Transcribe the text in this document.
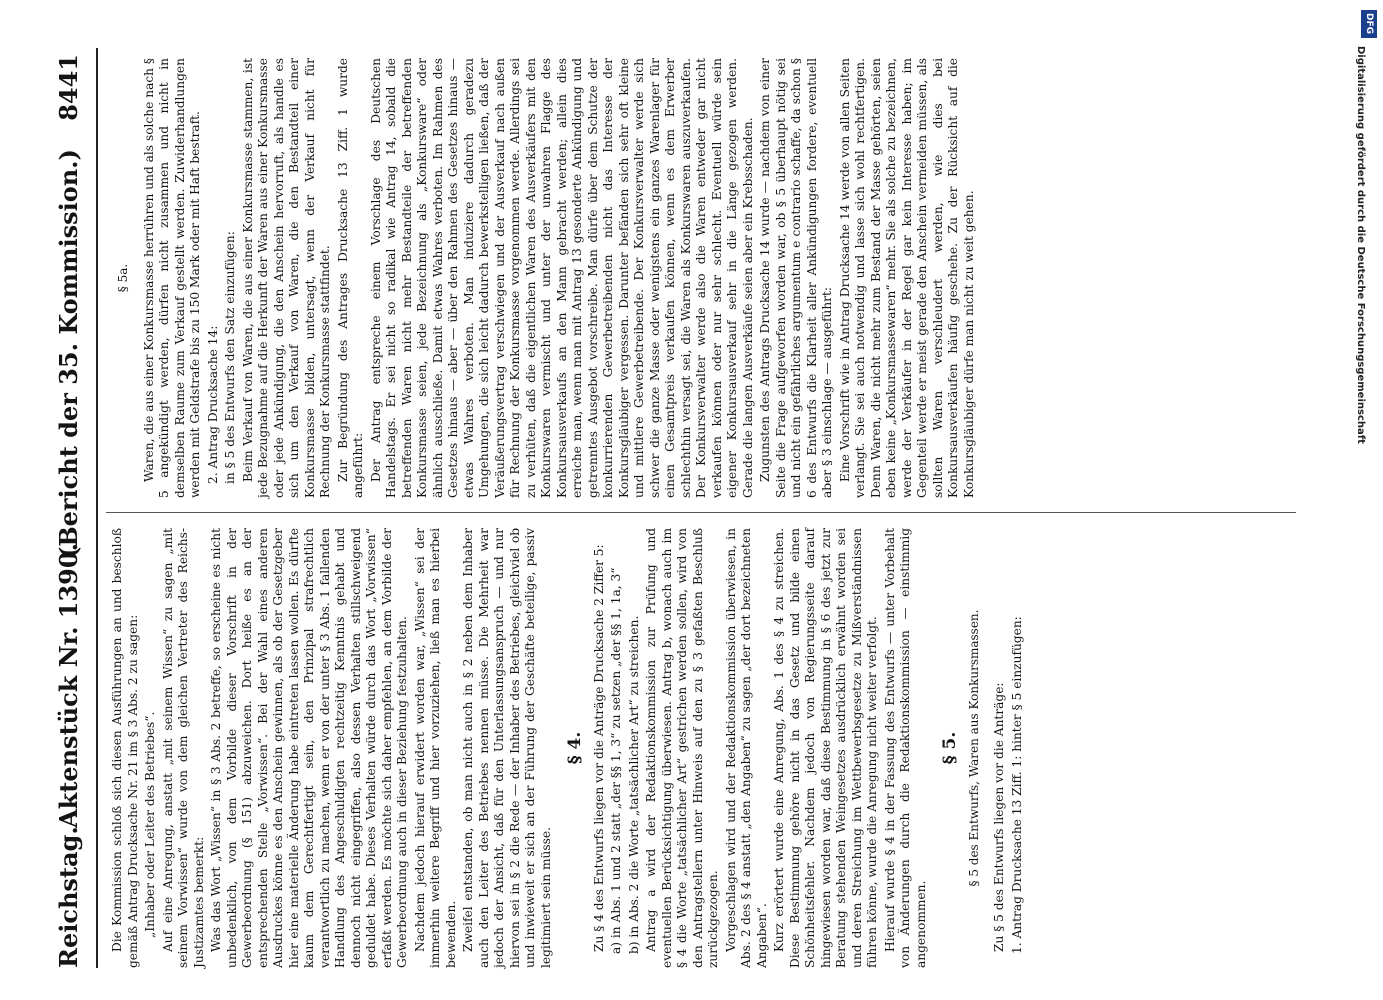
Reichstag.
Aktenstück Nr. 1390.
(Bericht der 35. Kommission.)
8441

Die Kommission schloß sich diesen Ausführungen an und beschloß gemäß Antrag Drucksache Nr. 21 im § 3 Abs. 2 zu sagen: „Inhaber oder Leiter des Betriebes“. Auf eine Anregung, anstatt „mit seinem Wissen“ zu sagen „mit seinem Vorwissen“ wurde von dem gleichen Vertreter des Reichs-Justizamtes bemerkt: Was das Wort „Wissen“ in § 3 Abs. 2 betreffe, so erscheine es nicht unbedenklich, von dem Vorbilde dieser Vorschrift in der Gewerbeordnung (§ 151) abzuweichen. Dort heiße es an der entsprechenden Stelle „Vorwissen“. Bei der Wahl eines anderen Ausdruckes könne es den Anschein gewinnen, als ob der Gesetzgeber hier eine materielle Änderung habe eintreten lassen wollen. Es dürfte kaum dem Gerechtfertigt sein, den Prinzipal strafrechtlich verantwortlich zu machen, wenn er von der unter § 3 Abs. 1 fallenden Handlung des Angeschuldigten rechtzeitig Kenntnis gehabt und dennoch nicht eingegriffen, also dessen Verhalten stillschweigend geduldet habe. Dieses Verhalten würde durch das Wort „Vorwissen“ erfaßt werden. Es möchte sich daher empfehlen, an dem Vorbilde der Gewerbeordnung auch in dieser Beziehung festzuhalten. Nachdem jedoch hierauf erwidert worden war, „Wissen“ sei der immerhin weitere Begriff und hier vorzuziehen, ließ man es hierbei bewenden. Zweifel entstanden, ob man nicht auch in § 2 neben dem Inhaber auch den Leiter des Betriebes nennen müsse. Die Mehrheit war jedoch der Ansicht, daß für den Unterlassungsanspruch — und nur hiervon sei in § 2 die Rede — der Inhaber des Betriebes, gleichviel ob und inwieweit er sich an der Führung der Geschäfte beteilige, passiv legitimiert sein müsse.

§ 4. Zu § 4 des Entwurfs liegen vor die Anträge Drucksache 2 Ziffer 5: a) in Abs. 1 und 2 statt „der §§ 1, 3“ zu setzen „der §§ 1, 1a, 3“ b) in Abs. 2 die Worte „tatsächlicher Art“ zu streichen. Antrag a wird der Redaktionskommission zur Prüfung und eventuellen Berücksichtigung überwiesen. Antrag b, wonach auch im § 4 die Worte „tatsächlicher Art“ gestrichen werden sollen, wird von den Antragstellern unter Hinweis auf den zu § 3 gefaßten Beschluß zurückgezogen. Vorgeschlagen wird und der Redaktionskommission überwiesen, in Abs. 2 des § 4 anstatt „den Angaben“ zu sagen „der dort bezeichneten Angaben“. Kurz erörtert wurde eine Anregung, Abs. 1 des § 4 zu streichen. Diese Bestimmung gehöre nicht in das Gesetz und bilde einen Schönheitsfehler. Nachdem jedoch von Regierungsseite darauf hingewiesen worden war, daß diese Bestimmung in § 6 des jetzt zur Beratung stehenden Weingesetzes ausdrücklich erwähnt worden sei und deren Streichung im Wettbewerbsgesetze zu Mißverständnissen führen könne, wurde die Anregung nicht weiter verfolgt. Hierauf wurde § 4 in der Fassung des Entwurfs — unter Vorbehalt von Änderungen durch die Redaktionskommission — einstimmig angenommen.

§ 5. § 5 des Entwurfs, Waren aus Konkursmassen. Zu § 5 des Entwurfs liegen vor die Anträge: 1. Antrag Drucksache 13 Ziff. 1: hinter § 5 einzufügen:

§ 5a. Waren, die aus einer Konkursmasse herrühren und als solche nach § 5 angekündigt werden, dürfen nicht zusammen und nicht in demselben Raume zum Verkauf gestellt werden. Zuwiderhandlungen werden mit Geldstrafe bis zu 150 Mark oder mit Haft bestraft. 2. Antrag Drucksache 14: in § 5 des Entwurfs den Satz einzufügen: Beim Verkauf von Waren, die aus einer Konkursmasse stammen, ist jede Bezugnahme auf die Herkunft der Waren aus einer Konkursmasse oder jede Ankündigung, die den Anschein hervorruft, als handle es sich um den Verkauf von Waren, die den Bestandteil einer Konkursmasse bilden, untersagt, wenn der Verkauf nicht für Rechnung der Konkursmasse stattfindet. Zur Begründung des Antrages Drucksache 13 Ziff. 1 wurde angeführt: Der Antrag entspreche einem Vorschlage des Deutschen Handelstags. Er sei nicht so radikal wie Antrag 14, sobald die betreffenden Waren nicht mehr Bestandteile der betreffenden Konkursmasse seien, jede Bezeichnung als „Konkursware“ oder ähnlich ausschließe. Damit etwas Wahres verboten. Im Rahmen des Gesetzes hinaus — aber — über den Rahmen des Gesetzes hinaus — etwas Wahres verboten. Man induziere dadurch geradezu Umgehungen, die sich leicht dadurch bewerkstelligen ließen, daß der Veräußerungsvertrag verschwiegen und der Ausverkauf nach außen für Rechnung der Konkursmasse vorgenommen werde. Allerdings sei zu verhüten, daß die eigentlichen Waren des Ausverkäufers mit den Konkurswaren vermischt und unter der unwahren Flagge des Konkursausverkaufs an den Mann gebracht werden; allein dies erreiche man, wenn man mit Antrag 13 gesonderte Ankündigung und getrenntes Ausgebot vorschreibe. Man dürfe über dem Schutze der konkurrierenden Gewerbetreibenden nicht das Interesse der Konkursgläubiger vergessen. Darunter befänden sich sehr oft kleine und mittlere Gewerbetreibende. Der Konkursverwalter werde sich schwer die ganze Masse oder wenigstens ein ganzes Warenlager für einen Gesamtpreis verkaufen können, wenn es dem Erwerber schlechthin versagt sei, die Waren als Konkurswaren auszuverkaufen. Der Konkursverwalter werde also die Waren entweder gar nicht verkaufen können oder nur sehr schlecht. Eventuell würde sein eigener Konkursausverkauf sehr in die Länge gezogen werden. Gerade die langen Ausverkäufe seien aber ein Krebsschaden. Zugunsten des Antrags Drucksache 14 wurde — nachdem von einer Seite die Frage aufgeworfen worden war, ob § 5 überhaupt nötig sei und nicht ein gefährliches argumentum e contrario schaffe, da schon § 6 des Entwurfs die Klarheit aller Ankündigungen fordere, eventuell aber § 3 einschlage — ausgeführt: Eine Vorschrift wie in Antrag Drucksache 14 werde von allen Seiten verlangt. Sie sei auch notwendig und lasse sich wohl rechtfertigen. Denn Waren, die nicht mehr zum Bestand der Masse gehörten, seien eben keine „Konkursmassewaren“ mehr. Sie als solche zu bezeichnen, werde der Verkäufer in der Regel gar kein Interesse haben; im Gegenteil werde er meist gerade den Anschein vermeiden müssen, als sollten Waren verschleudert werden, wie dies bei Konkursausverkäufen häufig geschehe. Zu der Rücksicht auf die Konkursgläubiger dürfe man nicht zu weit gehen.

DFG
Digitalisierung gefördert durch die Deutsche Forschungsgemeinschaft
